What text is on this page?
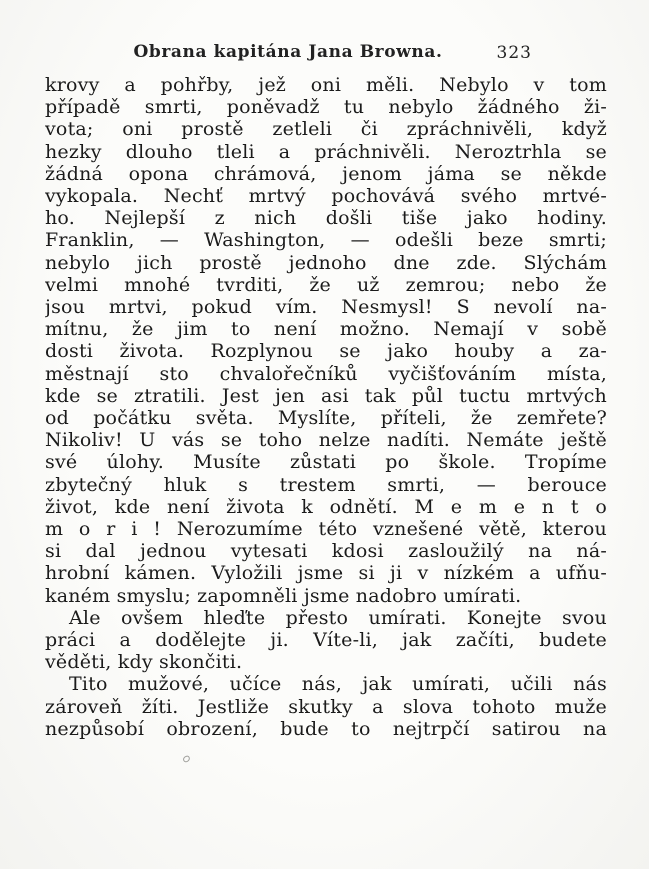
Obrana kapitána Jana Browna.	323
krovy a pohřby, jež oni měli. Nebylo v tom
případě smrti, poněvadž tu nebylo žádného ži-
vota; oni prostě zetleli či zpráchnivěli, když
hezky dlouho tleli a práchnivěli. Neroztrhla se
žádná opona chrámová, jenom jáma se někde
vykopala. Nechť mrtvý pochovává svého mrtvé-
ho. Nejlepší z nich došli tiše jako hodiny.
Franklin, — Washington, — odešli beze smrti;
nebylo jich prostě jednoho dne zde. Slýchám
velmi mnohé tvrditi, že už zemrou; nebo že
jsou mrtvi, pokud vím. Nesmysl! S nevolí na-
mítnu, že jim to není možno. Nemají v sobě
dosti života. Rozplynou se jako houby a za-
městnají sto chvalořečníků vyčišťováním místa,
kde se ztratili. Jest jen asi tak půl tuctu mrtvých
od počátku světa. Myslíte, příteli, že zemřete?
Nikoliv! U vás se toho nelze nadíti. Nemáte ještě
své úlohy. Musíte zůstati po škole. Tropíme
zbytečný hluk s trestem smrti, — berouce
život, kde není života k odnětí. M e m e n t o
m o r i ! Nerozumíme této vznešené větě, kterou
si dal jednou vytesati kdosi zasloužilý na ná-
hrobní kámen. Vyložili jsme si ji v nízkém a ufňu-
kaném smyslu; zapomněli jsme nadobro umírati.
Ale ovšem hleďte přesto umírati. Konejte svou
práci a dodělejte ji. Víte-li, jak začíti, budete
věděti, kdy skončiti.
Tito mužové, učíce nás, jak umírati, učili nás
zároveň žíti. Jestliže skutky a slova tohoto muže
nezpůsobí obrození, bude to nejtrpčí satirou na
